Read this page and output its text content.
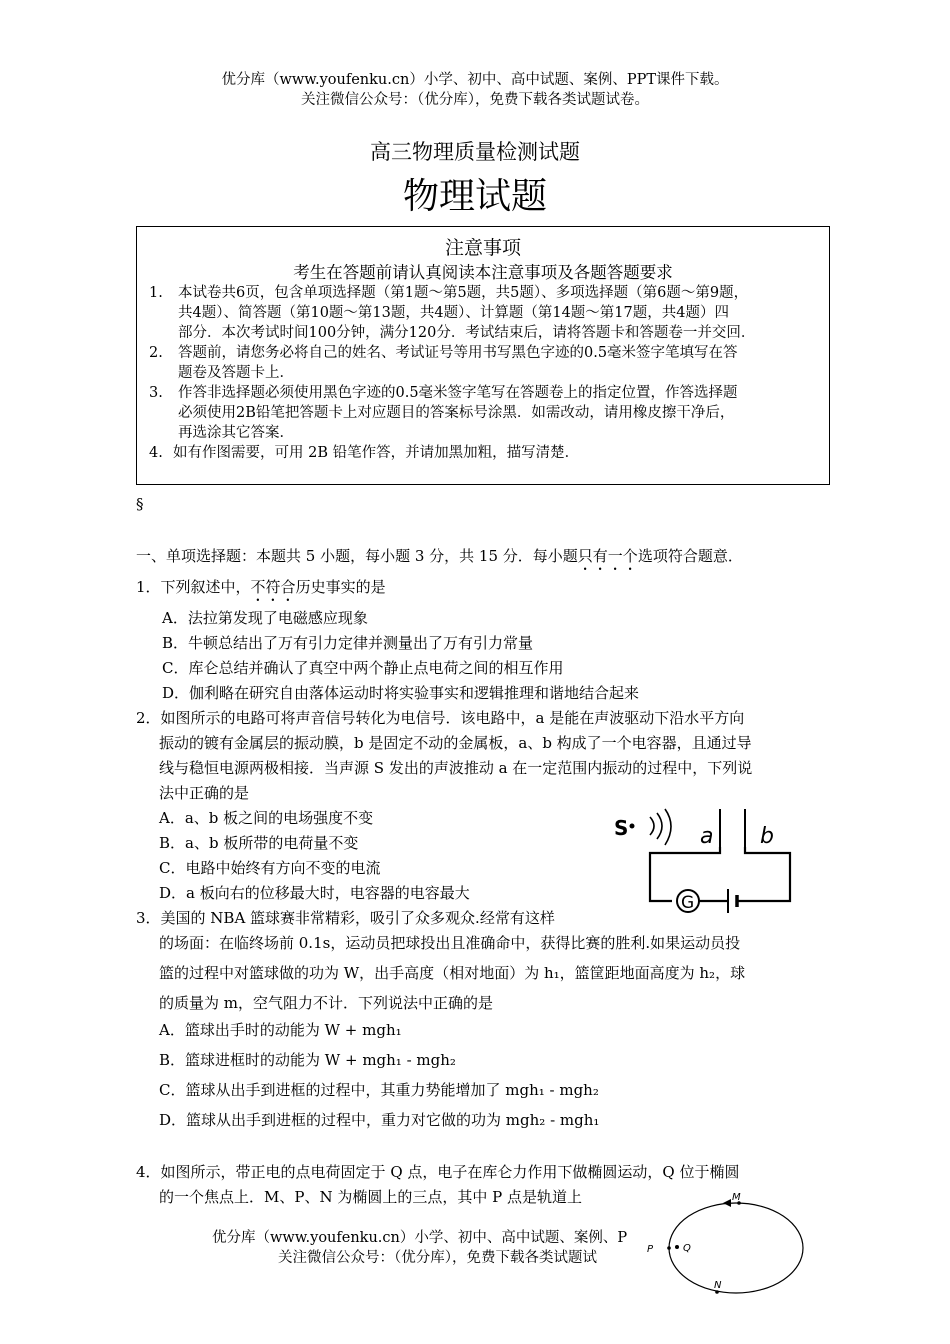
优分库（www.youfenku.cn）小学、初中、高中试题、案例、PPT课件下载。
关注微信公众号：（优分库），免费下载各类试题试卷。
高三物理质量检测试题
物理试题
注意事项
考生在答题前请认真阅读本注意事项及各题答题要求
1. 本试卷共6页，包含单项选择题（第1题～第5题，共5题）、多项选择题（第6题～第9题，
共4题）、简答题（第10题～第13题，共4题）、计算题（第14题～第17题，共4题）四
部分．本次考试时间100分钟，满分120分．考试结束后，请将答题卡和答题卷一并交回．
2. 答题前，请您务必将自己的姓名、考试证号等用书写黑色字迹的0.5毫米签字笔填写在答
题卷及答题卡上．
3. 作答非选择题必须使用黑色字迹的0.5毫米签字笔写在答题卷上的指定位置，作答选择题
必须使用2B铅笔把答题卡上对应题目的答案标号涂黑．如需改动，请用橡皮擦干净后，
再选涂其它答案．
4. 如有作图需要，可用 2B 铅笔作答，并请加黑加粗，描写清楚．
§
一、单项选择题：本题共 5 小题，每小题 3 分，共 15 分．每小题只有一个选项符合题意．
1．下列叙述中，不符合历史事实的是
A．法拉第发现了电磁感应现象
B．牛顿总结出了万有引力定律并测量出了万有引力常量
C．库仑总结并确认了真空中两个静止点电荷之间的相互作用
D．伽利略在研究自由落体运动时将实验事实和逻辑推理和谐地结合起来
2．如图所示的电路可将声音信号转化为电信号．该电路中，a 是能在声波驱动下沿水平方向
振动的镀有金属层的振动膜，b 是固定不动的金属板，a、b 构成了一个电容器，且通过导
线与稳恒电源两极相接．当声源 S 发出的声波推动 a 在一定范围内振动的过程中，下列说
法中正确的是
A．a、b 板之间的电场强度不变
B．a、b 板所带的电荷量不变
C．电路中始终有方向不变的电流
D．a 板向右的位移最大时，电容器的电容最大
S	a b
G
3．美国的 NBA 篮球赛非常精彩，吸引了众多观众.经常有这样
的场面：在临终场前 0.1s，运动员把球投出且准确命中，获得比赛的胜利.如果运动员投
篮的过程中对篮球做的功为 W，出手高度（相对地面）为 h₁，篮筐距地面高度为 h₂，球
的质量为 m，空气阻力不计．下列说法中正确的是
A．篮球出手时的动能为 W + mgh₁
B．篮球进框时的动能为 W + mgh₁ - mgh₂
C．篮球从出手到进框的过程中，其重力势能增加了 mgh₁ - mgh₂
D．篮球从出手到进框的过程中，重力对它做的功为 mgh₂ - mgh₁
4．如图所示，带正电的点电荷固定于 Q 点，电子在库仑力作用下做椭圆运动，Q 位于椭圆
的一个焦点上．M、P、N 为椭圆上的三点，其中 P 点是轨道上
优分库（www.youfenku.cn）小学、初中、高中试题、案例、P
关注微信公众号：（优分库），免费下载各类试题试
M
P	Q
N
